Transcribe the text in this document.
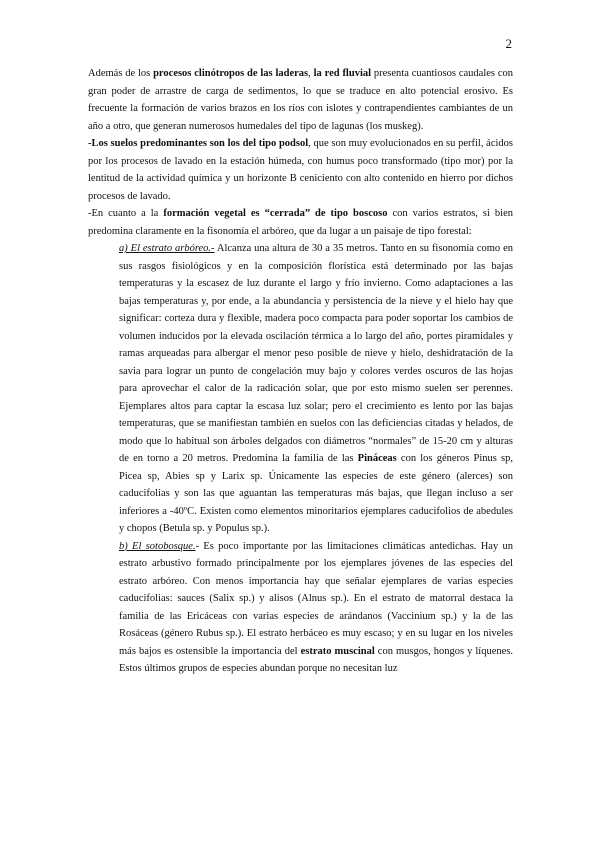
2

Además de los procesos clinótropos de las laderas, la red fluvial presenta cuantiosos caudales con gran poder de arrastre de carga de sedimentos, lo que se traduce en alto potencial erosivo. Es frecuente la formación de varios brazos en los ríos con islotes y contrapendientes cambiantes de un año a otro, que generan numerosos humedales del tipo de lagunas (los muskeg).

-Los suelos predominantes son los del tipo podsol, que son muy evolucionados en su perfil, ácidos por los procesos de lavado en la estación húmeda, con humus poco transformado (tipo mor) por la lentitud de la actividad química y un horizonte B ceniciento con alto contenido en hierro por dichos procesos de lavado.

-En cuanto a la formación vegetal es “cerrada” de tipo boscoso con varios estratos, si bien predomina claramente en la fisonomía el arbóreo, que da lugar a un paisaje de tipo forestal:

a) El estrato arbóreo.- Alcanza una altura de 30 a 35 metros. Tanto en su fisonomía como en sus rasgos fisiológicos y en la composición florística está determinado por las bajas temperaturas y la escasez de luz durante el largo y frío invierno. Como adaptaciones a las bajas temperaturas y, por ende, a la abundancia y persistencia de la nieve y el hielo hay que significar: corteza dura y flexible, madera poco compacta para poder soportar los cambios de volumen inducidos por la elevada oscilación térmica a lo largo del año, portes piramidales y ramas arqueadas para albergar el menor peso posible de nieve y hielo, deshidratación de la savia para lograr un punto de congelación muy bajo y colores verdes oscuros de las hojas para aprovechar el calor de la radicación solar, que por esto mismo suelen ser perennes. Ejemplares altos para captar la escasa luz solar; pero el crecimiento es lento por las bajas temperaturas, que se manifiestan también en suelos con las deficiencias citadas y helados, de modo que lo habitual son árboles delgados con diámetros “normales” de 15-20 cm y alturas de en torno a 20 metros. Predomina la familia de las Pináceas con los géneros Pinus sp, Picea sp, Abies sp y Larix sp. Únicamente las especies de este género (alerces) son caducifolias y son las que aguantan las temperaturas más bajas, que llegan incluso a ser inferiores a -40ºC. Existen como elementos minoritarios ejemplares caducifolios de abedules y chopos (Betula sp. y Populus sp.).

b) El sotobosque.- Es poco importante por las limitaciones climáticas antedichas. Hay un estrato arbustivo formado principalmente por los ejemplares jóvenes de las especies del estrato arbóreo. Con menos importancia hay que señalar ejemplares de varias especies caducifolias: sauces (Salix sp.) y alisos (Alnus sp.). En el estrato de matorral destaca la familia de las Ericáceas con varias especies de arándanos (Vaccinium sp.) y la de las Rosáceas (género Rubus sp.). El estrato herbáceo es muy escaso; y en su lugar en los niveles más bajos es ostensible la importancia del estrato muscinal con musgos, hongos y líquenes. Estos últimos grupos de especies abundan porque no necesitan luz
